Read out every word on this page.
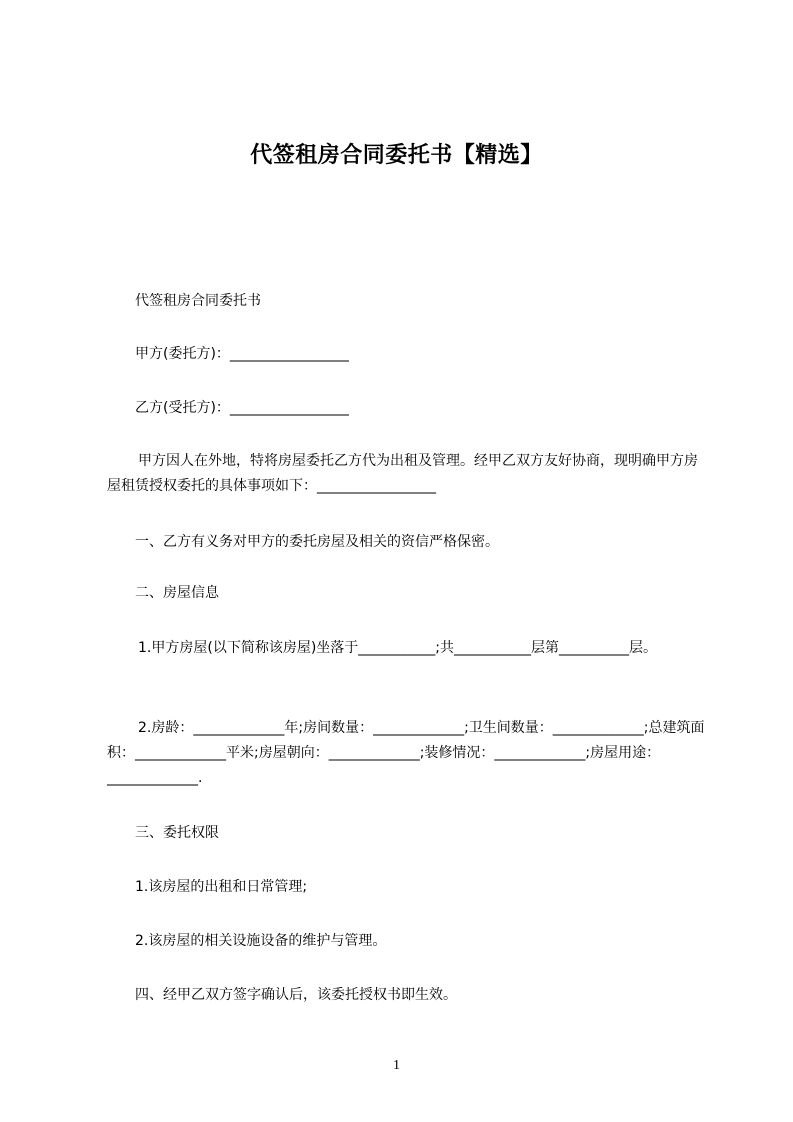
代签租房合同委托书【精选】
代签租房合同委托书
甲方(委托方)：_________________
乙方(受托方)：_________________
甲方因人在外地，特将房屋委托乙方代为出租及管理。经甲乙双方友好协商，现明确甲方房屋租赁授权委托的具体事项如下：_________________
一、乙方有义务对甲方的委托房屋及相关的资信严格保密。
二、房屋信息
1.甲方房屋(以下简称该房屋)坐落于___________;共___________层第__________层。
2.房龄：_____________年;房间数量：_____________;卫生间数量：_____________;总建筑面积：_____________平米;房屋朝向：_____________;装修情况：_____________;房屋用途：_____________.
三、委托权限
1.该房屋的出租和日常管理;
2.该房屋的相关设施设备的维护与管理。
四、经甲乙双方签字确认后，该委托授权书即生效。
1
